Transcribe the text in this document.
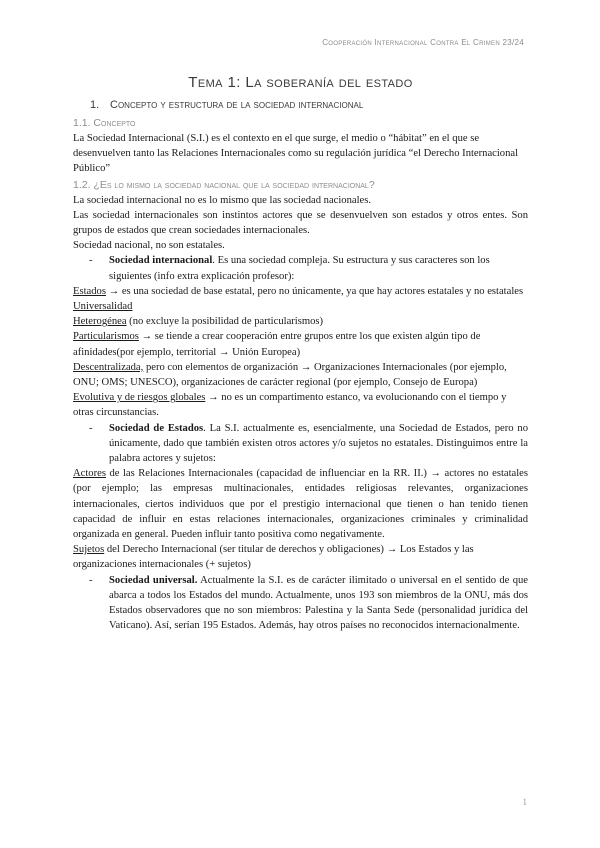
Cooperación Internacional Contra El Crimen 23/24
Tema 1: La soberanía del estado
1. Concepto y estructura de la sociedad internacional
1.1. Concepto

La Sociedad Internacional (S.I.) es el contexto en el que surge, el medio o “hábitat” en el que se desenvuelven tanto las Relaciones Internacionales como su regulación jurídica “el Derecho Internacional Público”

1.2. ¿Es lo mismo la sociedad nacional que la sociedad internacional?

La sociedad internacional no es lo mismo que las sociedad nacionales.

Las sociedad internacionales son instintos actores que se desenvuelven son estados y otros entes. Son grupos de estados que crean sociedades internacionales.

Sociedad nacional, no son estatales.

- Sociedad internacional. Es una sociedad compleja. Su estructura y sus caracteres son los siguientes (info extra explicación profesor):

Estados → es una sociedad de base estatal, pero no únicamente, ya que hay actores estatales y no estatales

Universalidad

Heterogénea (no excluye la posibilidad de particularismos)

Particularismos → se tiende a crear cooperación entre grupos entre los que existen algún tipo de afinidades(por ejemplo, territorial → Unión Europea)

Descentralizada, pero con elementos de organización → Organizaciones Internacionales (por ejemplo, ONU; OMS; UNESCO), organizaciones de carácter regional (por ejemplo, Consejo de Europa)

Evolutiva y de riesgos globales → no es un compartimento estanco, va evolucionando con el tiempo y otras circunstancias.

- Sociedad de Estados. La S.I. actualmente es, esencialmente, una Sociedad de Estados, pero no únicamente, dado que también existen otros actores y/o sujetos no estatales. Distinguimos entre la palabra actores y sujetos:

Actores de las Relaciones Internacionales (capacidad de influenciar en la RR. II.) → actores no estatales (por ejemplo; las empresas multinacionales, entidades religiosas relevantes, organizaciones internacionales, ciertos individuos que por el prestigio internacional que tienen o han tenido tienen capacidad de influir en estas relaciones internacionales, organizaciones criminales y criminalidad organizada en general. Pueden influir tanto positiva como negativamente.

Sujetos del Derecho Internacional (ser titular de derechos y obligaciones) → Los Estados y las organizaciones internacionales (+ sujetos)

- Sociedad universal. Actualmente la S.I. es de carácter ilimitado o universal en el sentido de que abarca a todos los Estados del mundo. Actualmente, unos 193 son miembros de la ONU, más dos Estados observadores que no son miembros: Palestina y la Santa Sede (personalidad jurídica del Vaticano). Así, serían 195 Estados. Además, hay otros países no reconocidos internacionalmente.
1
